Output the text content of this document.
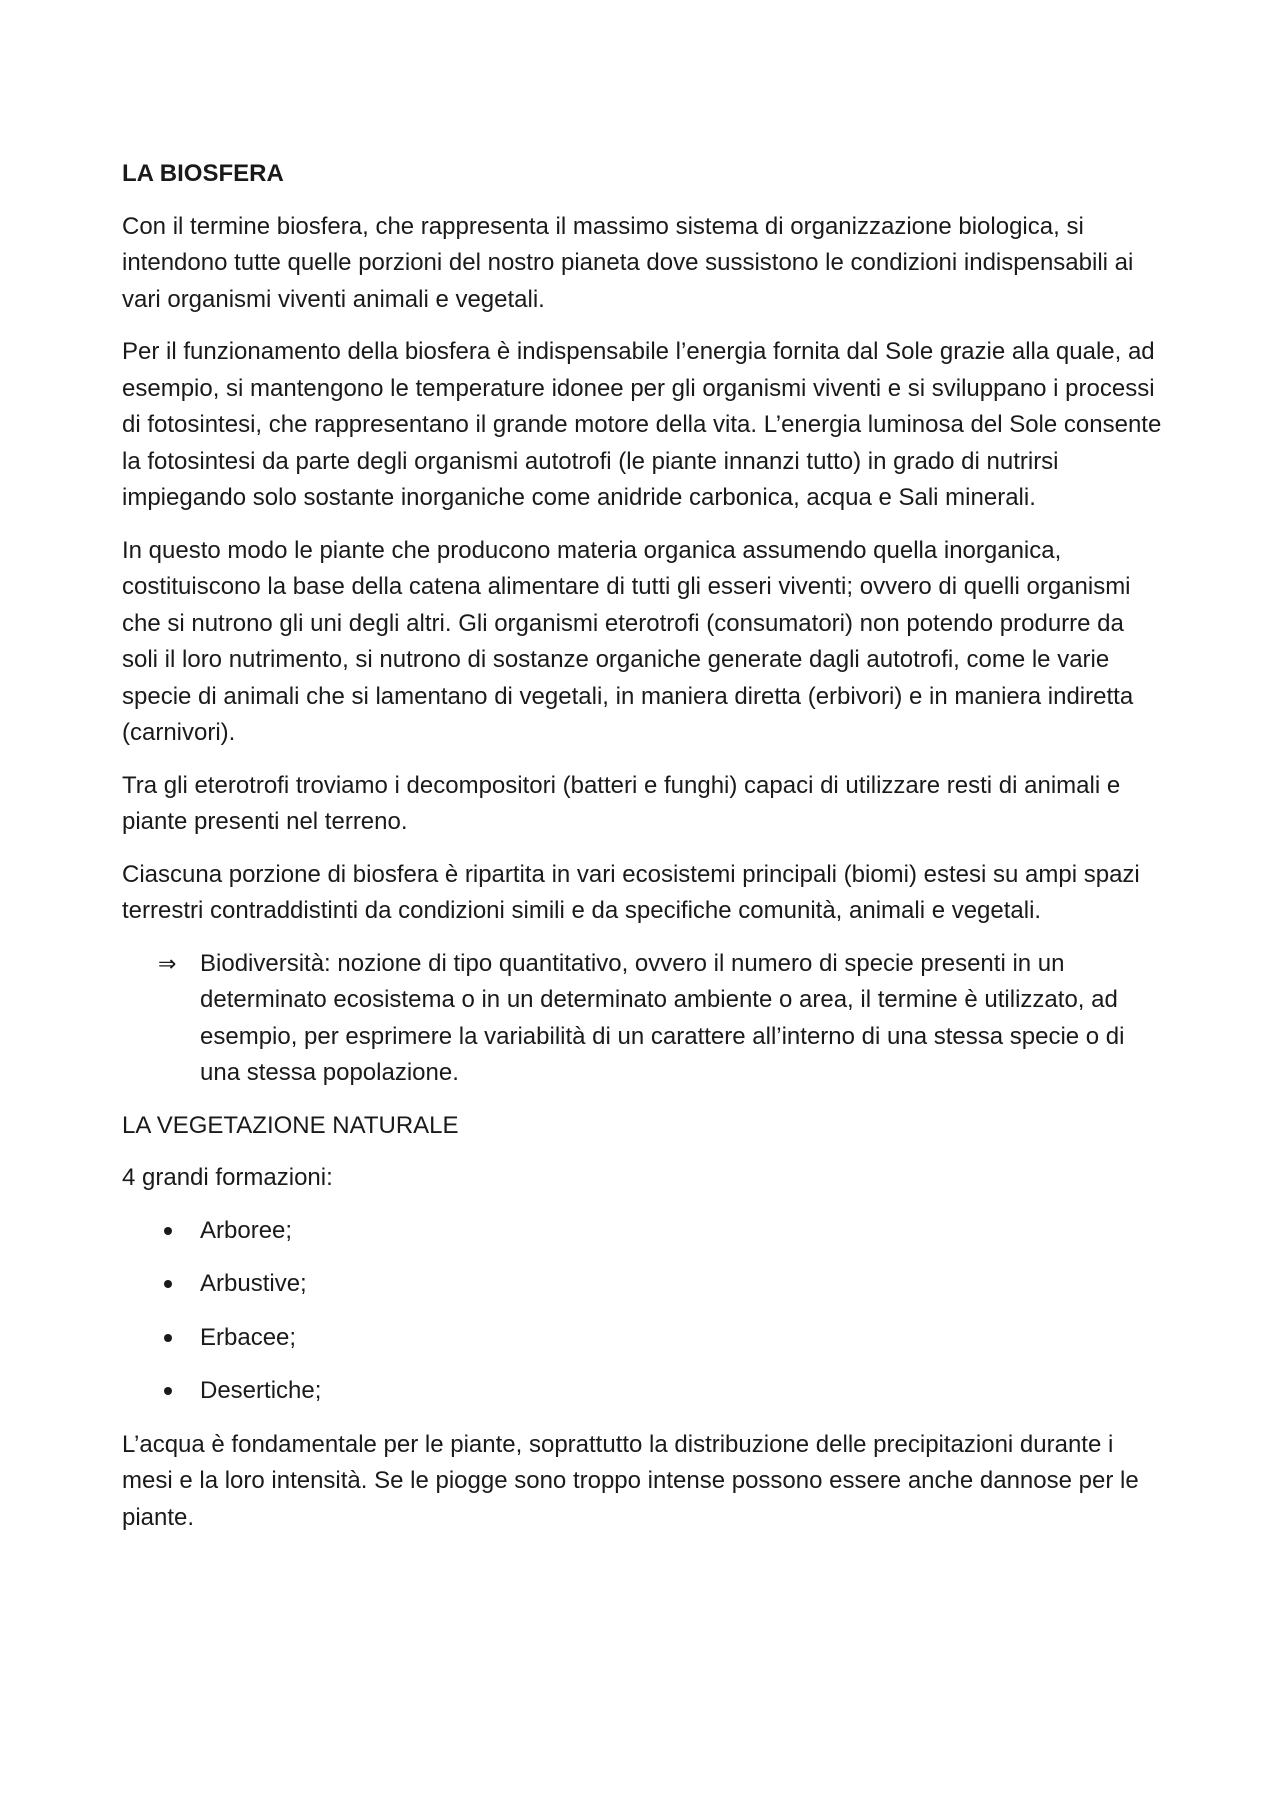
LA BIOSFERA

Con il termine biosfera, che rappresenta il massimo sistema di organizzazione biologica, si intendono tutte quelle porzioni del nostro pianeta dove sussistono le condizioni indispensabili ai vari organismi viventi animali e vegetali.

Per il funzionamento della biosfera è indispensabile l’energia fornita dal Sole grazie alla quale, ad esempio, si mantengono le temperature idonee per gli organismi viventi e si sviluppano i processi di fotosintesi, che rappresentano il grande motore della vita. L’energia luminosa del Sole consente la fotosintesi da parte degli organismi autotrofi (le piante innanzi tutto) in grado di nutrirsi impiegando solo sostante inorganiche come anidride carbonica, acqua e Sali minerali.

In questo modo le piante che producono materia organica assumendo quella inorganica, costituiscono la base della catena alimentare di tutti gli esseri viventi; ovvero di quelli organismi che si nutrono gli uni degli altri. Gli organismi eterotrofi (consumatori) non potendo produrre da soli il loro nutrimento, si nutrono di sostanze organiche generate dagli autotrofi, come le varie specie di animali che si lamentano di vegetali, in maniera diretta (erbivori) e in maniera indiretta (carnivori).

Tra gli eterotrofi troviamo i decompositori (batteri e funghi) capaci di utilizzare resti di animali e piante presenti nel terreno.

Ciascuna porzione di biosfera è ripartita in vari ecosistemi principali (biomi) estesi su ampi spazi terrestri contraddistinti da condizioni simili e da specifiche comunità, animali e vegetali.

⇒ Biodiversità: nozione di tipo quantitativo, ovvero il numero di specie presenti in un determinato ecosistema o in un determinato ambiente o area, il termine è utilizzato, ad esempio, per esprimere la variabilità di un carattere all’interno di una stessa specie o di una stessa popolazione.
LA VEGETAZIONE NATURALE

4 grandi formazioni:

Arboree;
Arbustive;
Erbacee;
Desertiche;

L’acqua è fondamentale per le piante, soprattutto la distribuzione delle precipitazioni durante i mesi e la loro intensità. Se le piogge sono troppo intense possono essere anche dannose per le piante.
